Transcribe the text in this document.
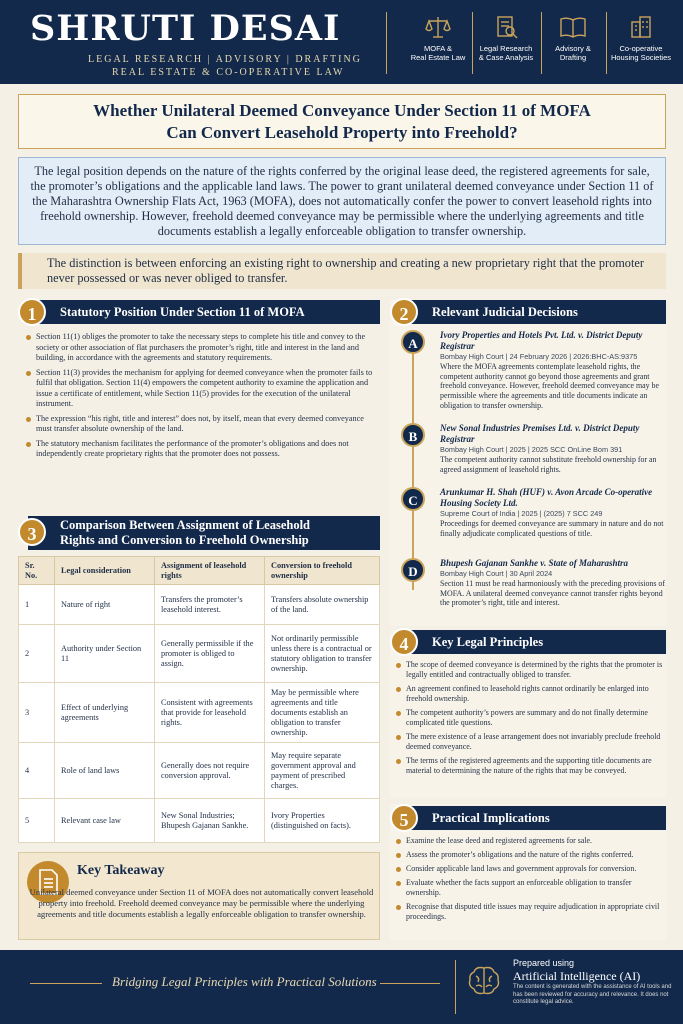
SHRUTI DESAI
LEGAL RESEARCH | ADVISORY | DRAFTING
REAL ESTATE & CO-OPERATIVE LAW
MOFA &
Real Estate Law
Legal Research
& Case Analysis
Advisory &
Drafting
Co-operative
Housing Societies
Whether Unilateral Deemed Conveyance Under Section 11 of MOFA
Can Convert Leasehold Property into Freehold?
The legal position depends on the nature of the rights conferred by the original lease deed, the registered agreements for sale, the promoter’s obligations and the applicable land laws. The power to grant unilateral deemed conveyance under Section 11 of the Maharashtra Ownership Flats Act, 1963 (MOFA), does not automatically confer the power to convert leasehold rights into freehold ownership. However, freehold deemed conveyance may be permissible where the underlying agreements and title documents establish a legally enforceable obligation to transfer ownership.
The distinction is between enforcing an existing right to ownership and creating a new proprietary right that the promoter never possessed or was never obliged to transfer.
Statutory Position Under Section 11 of MOFA
1
Section 11(1) obliges the promoter to take the necessary steps to complete his title and convey to the society or other association of flat purchasers the promoter’s right, title and interest in the land and building, in accordance with the agreements and statutory requirements.
Section 11(3) provides the mechanism for applying for deemed conveyance when the promoter fails to fulfil that obligation. Section 11(4) empowers the competent authority to examine the application and issue a certificate of entitlement, while Section 11(5) provides for the execution of the unilateral instrument.
The expression “his right, title and interest” does not, by itself, mean that every deemed conveyance must transfer absolute ownership of the land.
The statutory mechanism facilitates the performance of the promoter’s obligations and does not independently create proprietary rights that the promoter does not possess.
Comparison Between Assignment of Leasehold
Rights and Conversion to Freehold Ownership
3
Sr. No.	Legal consideration	Assignment of leasehold rights	Conversion to freehold ownership
1	Nature of right	Transfers the promoter’s leasehold interest.	Transfers absolute ownership of the land.
2	Authority under Section 11	Generally permissible if the promoter is obliged to assign.	Not ordinarily permissible unless there is a contractual or statutory obligation to transfer ownership.
3	Effect of underlying agreements	Consistent with agreements that provide for leasehold rights.	May be permissible where agreements and title documents establish an obligation to transfer ownership.
4	Role of land laws	Generally does not require conversion approval.	May require separate government approval and payment of prescribed charges.
5	Relevant case law	New Sonal Industries; Bhupesh Gajanan Sankhe.	Ivory Properties (distinguished on facts).
Key Takeaway
Unilateral deemed conveyance under Section 11 of MOFA does not automatically convert leasehold property into freehold. Freehold deemed conveyance may be permissible where the underlying agreements and title documents establish a legally enforceable obligation to transfer ownership.
Relevant Judicial Decisions
2
A
Ivory Properties and Hotels Pvt. Ltd. v. District Deputy Registrar
Bombay High Court | 24 February 2026 | 2026:BHC-AS:9375
Where the MOFA agreements contemplate leasehold rights, the competent authority cannot go beyond those agreements and grant freehold conveyance. However, freehold deemed conveyance may be permissible where the agreements and title documents indicate an obligation to transfer ownership.
B
New Sonal Industries Premises Ltd. v. District Deputy Registrar
Bombay High Court | 2025 | 2025 SCC OnLine Bom 391
The competent authority cannot substitute freehold ownership for an agreed assignment of leasehold rights.
C
Arunkumar H. Shah (HUF) v. Avon Arcade Co-operative Housing Society Ltd.
Supreme Court of India | 2025 | (2025) 7 SCC 249
Proceedings for deemed conveyance are summary in nature and do not finally adjudicate complicated questions of title.
D
Bhupesh Gajanan Sankhe v. State of Maharashtra
Bombay High Court | 30 April 2024
Section 11 must be read harmoniously with the preceding provisions of MOFA. A unilateral deemed conveyance cannot transfer rights beyond the promoter’s right, title and interest.
Key Legal Principles
4
The scope of deemed conveyance is determined by the rights that the promoter is legally entitled and contractually obliged to transfer.
An agreement confined to leasehold rights cannot ordinarily be enlarged into freehold ownership.
The competent authority’s powers are summary and do not finally determine complicated title questions.
The mere existence of a lease arrangement does not invariably preclude freehold deemed conveyance.
The terms of the registered agreements and the supporting title documents are material to determining the nature of the rights that may be conveyed.
Practical Implications
5
Examine the lease deed and registered agreements for sale.
Assess the promoter’s obligations and the nature of the rights conferred.
Consider applicable land laws and government approvals for conversion.
Evaluate whether the facts support an enforceable obligation to transfer ownership.
Recognise that disputed title issues may require adjudication in appropriate civil proceedings.
Bridging Legal Principles with Practical Solutions
Prepared using
Artificial Intelligence (AI)
The content is generated with the assistance of AI tools and has been reviewed for accuracy and relevance. It does not constitute legal advice.
